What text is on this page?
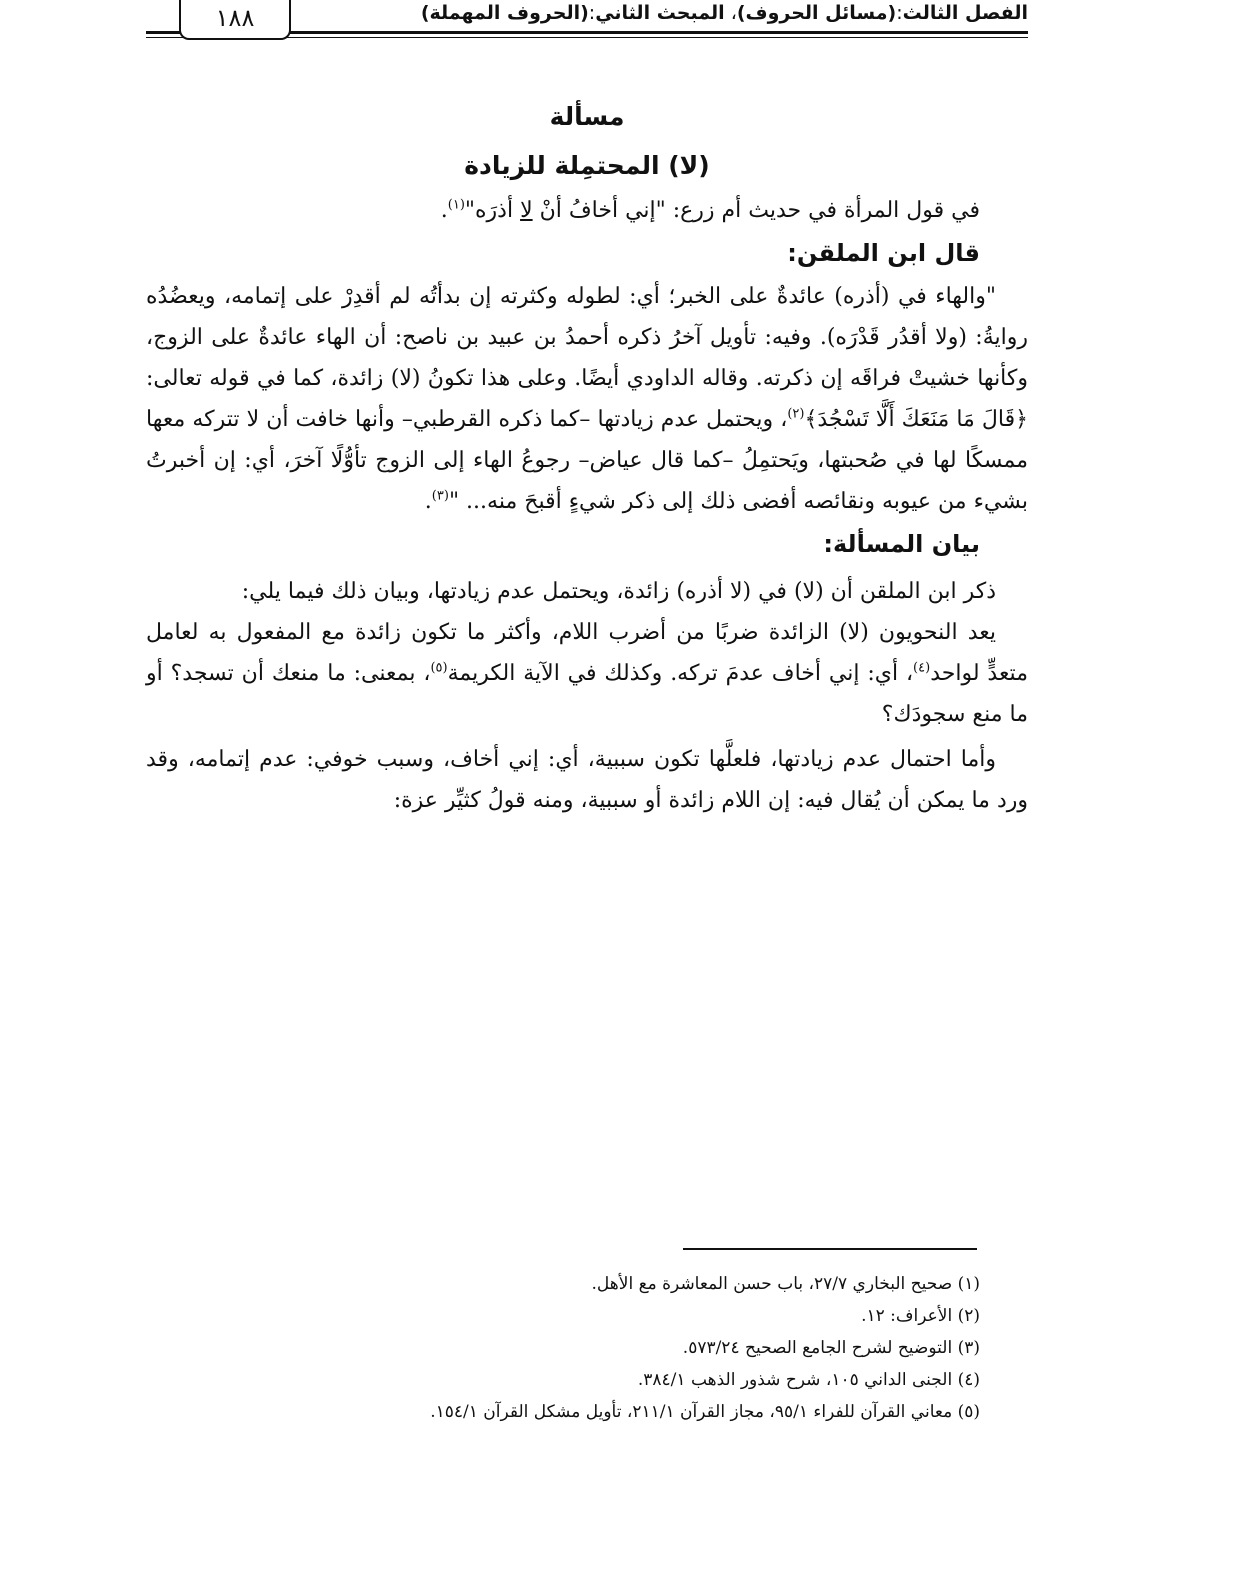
الفصل الثالث:(مسائل الحروف)، المبحث الثاني:(الحروف المهملة)
١٨٨
مسألة
(لا) المحتمِلة للزيادة

في قول المرأة في حديث أم زرع: "إني أخافُ أنْ لا أذرَه"$^{(١)}$.

قال ابن الملقن:

"والهاء في (أذره) عائدةٌ على الخبر؛ أي: لطوله وكثرته إن بدأتُه لم أقدِرْ على إتمامه، ويعضُدُه روايةُ: (ولا أقدُر قَدْرَه). وفيه: تأويل آخرُ ذكره أحمدُ بن عبيد بن ناصح: أن الهاء عائدةٌ على الزوج، وكأنها خشيتْ فراقَه إن ذكرته. وقاله الداودي أيضًا. وعلى هذا تكونُ (لا) زائدة، كما في قوله تعالى: ﴿قَالَ مَا مَنَعَكَ أَلَّا تَسْجُدَ﴾$^{(٢)}$، ويحتمل عدم زيادتها –كما ذكره القرطبي– وأنها خافت أن لا تتركه معها ممسكًا لها في صُحبتها، ويَحتمِلُ –كما قال عياض– رجوعُ الهاء إلى الزوج تأوُّلًا آخرَ، أي: إن أخبرتُ بشيء من عيوبه ونقائصه أفضى ذلك إلى ذكر شيءٍ أقبحَ منه... "$^{(٣)}$.

بيان المسألة:

ذكر ابن الملقن أن (لا) في (لا أذره) زائدة، ويحتمل عدم زيادتها، وبيان ذلك فيما يلي:

يعد النحويون (لا) الزائدة ضربًا من أضرب اللام، وأكثر ما تكون زائدة مع المفعول به لعامل متعدٍّ لواحد$^{(٤)}$، أي: إني أخاف عدمَ تركه. وكذلك في الآية الكريمة$^{(٥)}$، بمعنى: ما منعك أن تسجد؟ أو ما منع سجودَك؟

وأما احتمال عدم زيادتها، فلعلَّها تكون سببية، أي: إني أخاف، وسبب خوفي: عدم إتمامه، وقد ورد ما يمكن أن يُقال فيه: إن اللام زائدة أو سببية، ومنه قولُ كثيِّر عزة:

(١) صحيح البخاري ٢٧/٧، باب حسن المعاشرة مع الأهل.

(٢) الأعراف: ١٢.

(٣) التوضيح لشرح الجامع الصحيح ٥٧٣/٢٤.

(٤) الجنى الداني ١٠٥، شرح شذور الذهب ٣٨٤/١.

(٥) معاني القرآن للفراء ٩٥/١، مجاز القرآن ٢١١/١، تأويل مشكل القرآن ١٥٤/١.
